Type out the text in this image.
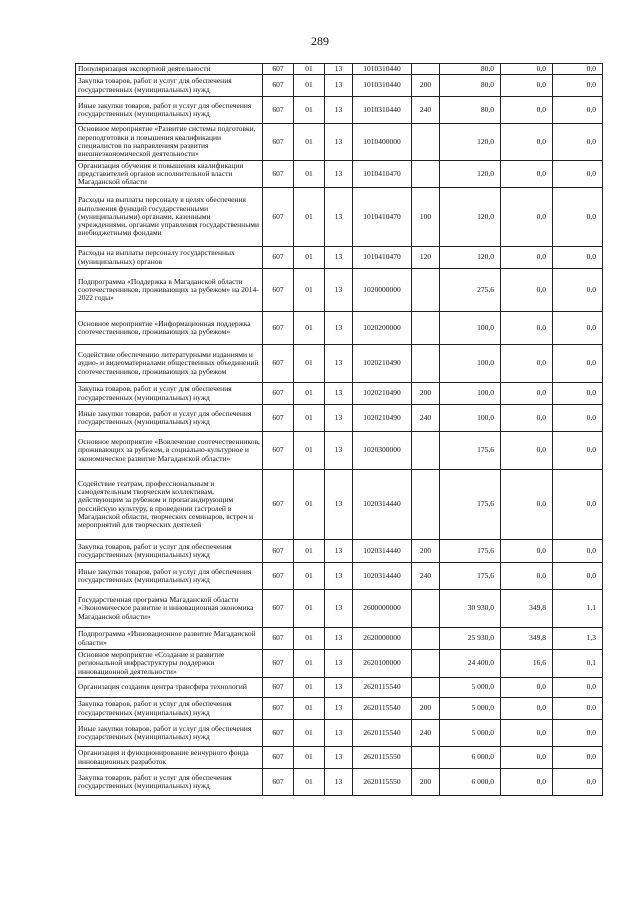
289
Популяризация экспортной деятельности	607	01	13	1010310440		80,0	0,0	0,0
Закупка товаров, работ и услуг для обеспечения государственных (муниципальных) нужд	607	01	13	1010310440	200	80,0	0,0	0,0
Иные закупки товаров, работ и услуг для обеспечения государственных (муниципальных) нужд	607	01	13	1010310440	240	80,0	0,0	0,0
Основное мероприятие «Развитие системы подготовки, переподготовки и повышения квалификации специалистов по направлениям развития внешнеэкономической деятельности»	607	01	13	1010400000		120,0	0,0	0,0
Организация обучения и повышения квалификации представителей органов исполнительной власти Магаданской области	607	01	13	1010410470		120,0	0,0	0,0
Расходы на выплаты персоналу в целях обеспечения выполнения функций государственными (муниципальными) органами, казенными учреждениями, органами управления государственными внебюджетными фондами	607	01	13	1010410470	100	120,0	0,0	0,0
Расходы на выплаты персоналу государственных (муниципальных) органов	607	01	13	1010410470	120	120,0	0,0	0,0
Подпрограмма «Поддержка в Магаданской области соотечественников, проживающих за рубежом» на 2014-2022 годы»	607	01	13	1020000000		275,6	0,0	0,0
Основное мероприятие «Информационная поддержка соотечественников, проживающих за рубежом»	607	01	13	1020200000		100,0	0,0	0,0
Содействие обеспечению литературными изданиями и аудио- и видеоматериалами общественных объединений соотечественников, проживающих за рубежом	607	01	13	1020210490		100,0	0,0	0,0
Закупка товаров, работ и услуг для обеспечения государственных (муниципальных) нужд	607	01	13	1020210490	200	100,0	0,0	0,0
Иные закупки товаров, работ и услуг для обеспечения государственных (муниципальных) нужд	607	01	13	1020210490	240	100,0	0,0	0,0
Основное мероприятие «Вовлечение соотечественников, проживающих за рубежом, в социально-культурное и экономическое развитие Магаданской области»	607	01	13	1020300000		175,6	0,0	0,0
Содействие театрам, профессиональным и самодеятельным творческим коллективам, действующим за рубежом и пропагандирующим российскую культуру, в проведении гастролей в Магаданской области, творческих семинаров, встреч и мероприятий для творческих деятелей	607	01	13	1020314440		175,6	0,0	0,0
Закупка товаров, работ и услуг для обеспечения государственных (муниципальных) нужд	607	01	13	1020314440	200	175,6	0,0	0,0
Иные закупки товаров, работ и услуг для обеспечения государственных (муниципальных) нужд	607	01	13	1020314440	240	175,6	0,0	0,0
Государственная программа Магаданской области «Экономическое развитие и инновационная экономика Магаданской области»	607	01	13	2600000000		30 930,0	349,8	1,1
Подпрограмма «Инновационное развитие Магаданской области»	607	01	13	2620000000		25 930,0	349,8	1,3
Основное мероприятие «Создание и развитие региональной инфраструктуры поддержки инновационной деятельности»	607	01	13	2620100000		24 400,0	16,6	0,1
Организация создания центра трансфера технологий	607	01	13	2620115540		5 000,0	0,0	0,0
Закупка товаров, работ и услуг для обеспечения государственных (муниципальных) нужд	607	01	13	2620115540	200	5 000,0	0,0	0,0
Иные закупки товаров, работ и услуг для обеспечения государственных (муниципальных) нужд	607	01	13	2620115540	240	5 000,0	0,0	0,0
Организация и функционирование венчурного фонда инновационных разработок	607	01	13	2620115550		6 000,0	0,0	0,0
Закупка товаров, работ и услуг для обеспечения государственных (муниципальных) нужд	607	01	13	2620115550	200	6 000,0	0,0	0,0
